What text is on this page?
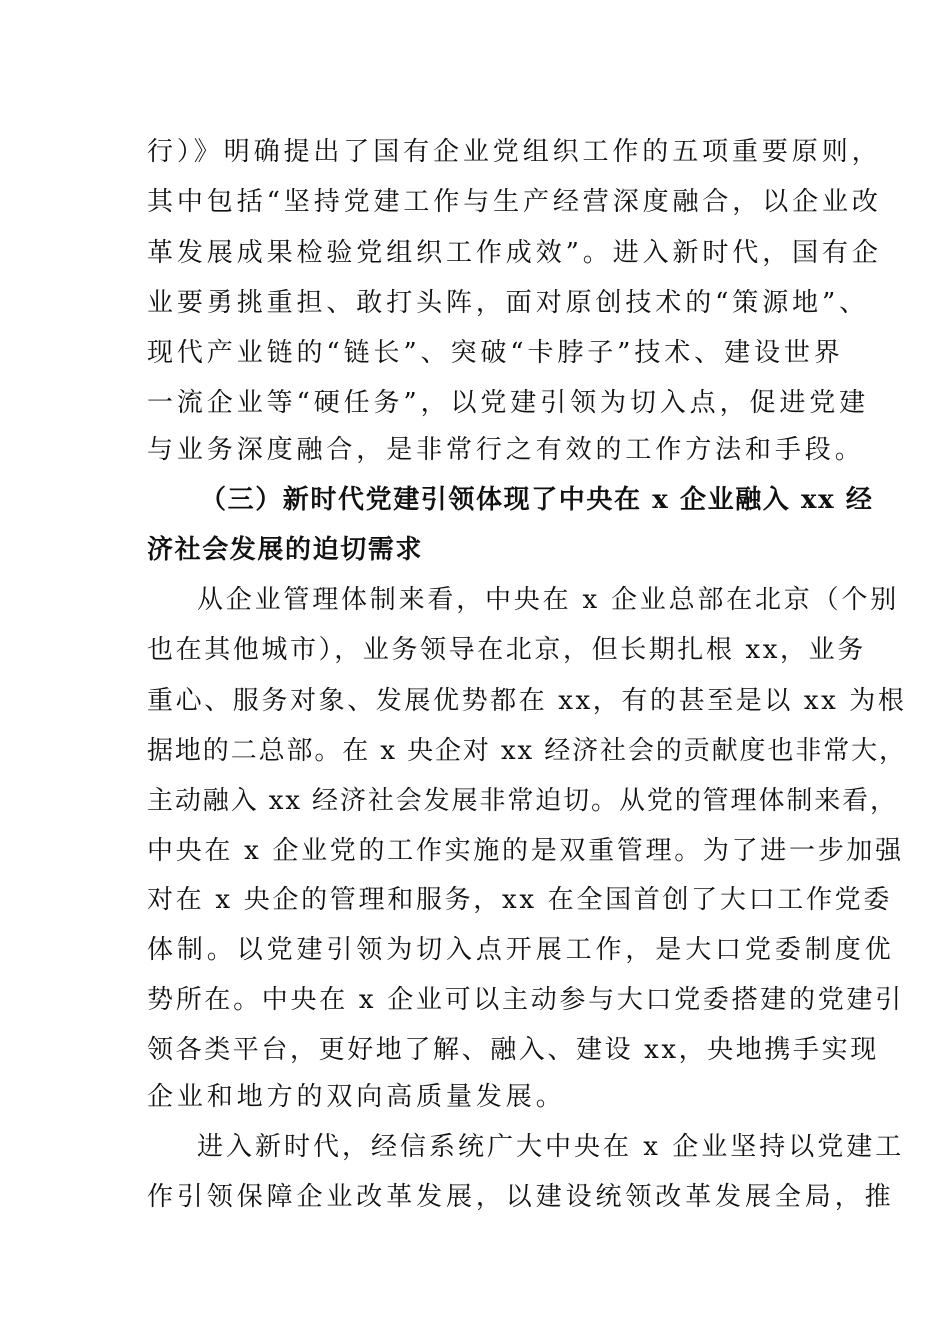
行）》明确提出了国有企业党组织工作的五项重要原则，
其中包括“坚持党建工作与生产经营深度融合，以企业改
革发展成果检验党组织工作成效”。进入新时代，国有企
业要勇挑重担、敢打头阵，面对原创技术的“策源地”、
现代产业链的“链长”、突破“卡脖子”技术、建设世界
一流企业等“硬任务”，以党建引领为切入点，促进党建
与业务深度融合，是非常行之有效的工作方法和手段。
（三）新时代党建引领体现了中央在 x 企业融入 xx 经
济社会发展的迫切需求
从企业管理体制来看，中央在 x 企业总部在北京（个别
也在其他城市），业务领导在北京，但长期扎根 xx，业务
重心、服务对象、发展优势都在 xx，有的甚至是以 xx 为根
据地的二总部。在 x 央企对 xx 经济社会的贡献度也非常大，
主动融入 xx 经济社会发展非常迫切。从党的管理体制来看，
中央在 x 企业党的工作实施的是双重管理。为了进一步加强
对在 x 央企的管理和服务，xx 在全国首创了大口工作党委
体制。以党建引领为切入点开展工作，是大口党委制度优
势所在。中央在 x 企业可以主动参与大口党委搭建的党建引
领各类平台，更好地了解、融入、建设 xx，央地携手实现
企业和地方的双向高质量发展。
进入新时代，经信系统广大中央在 x 企业坚持以党建工
作引领保障企业改革发展，以建设统领改革发展全局，推
